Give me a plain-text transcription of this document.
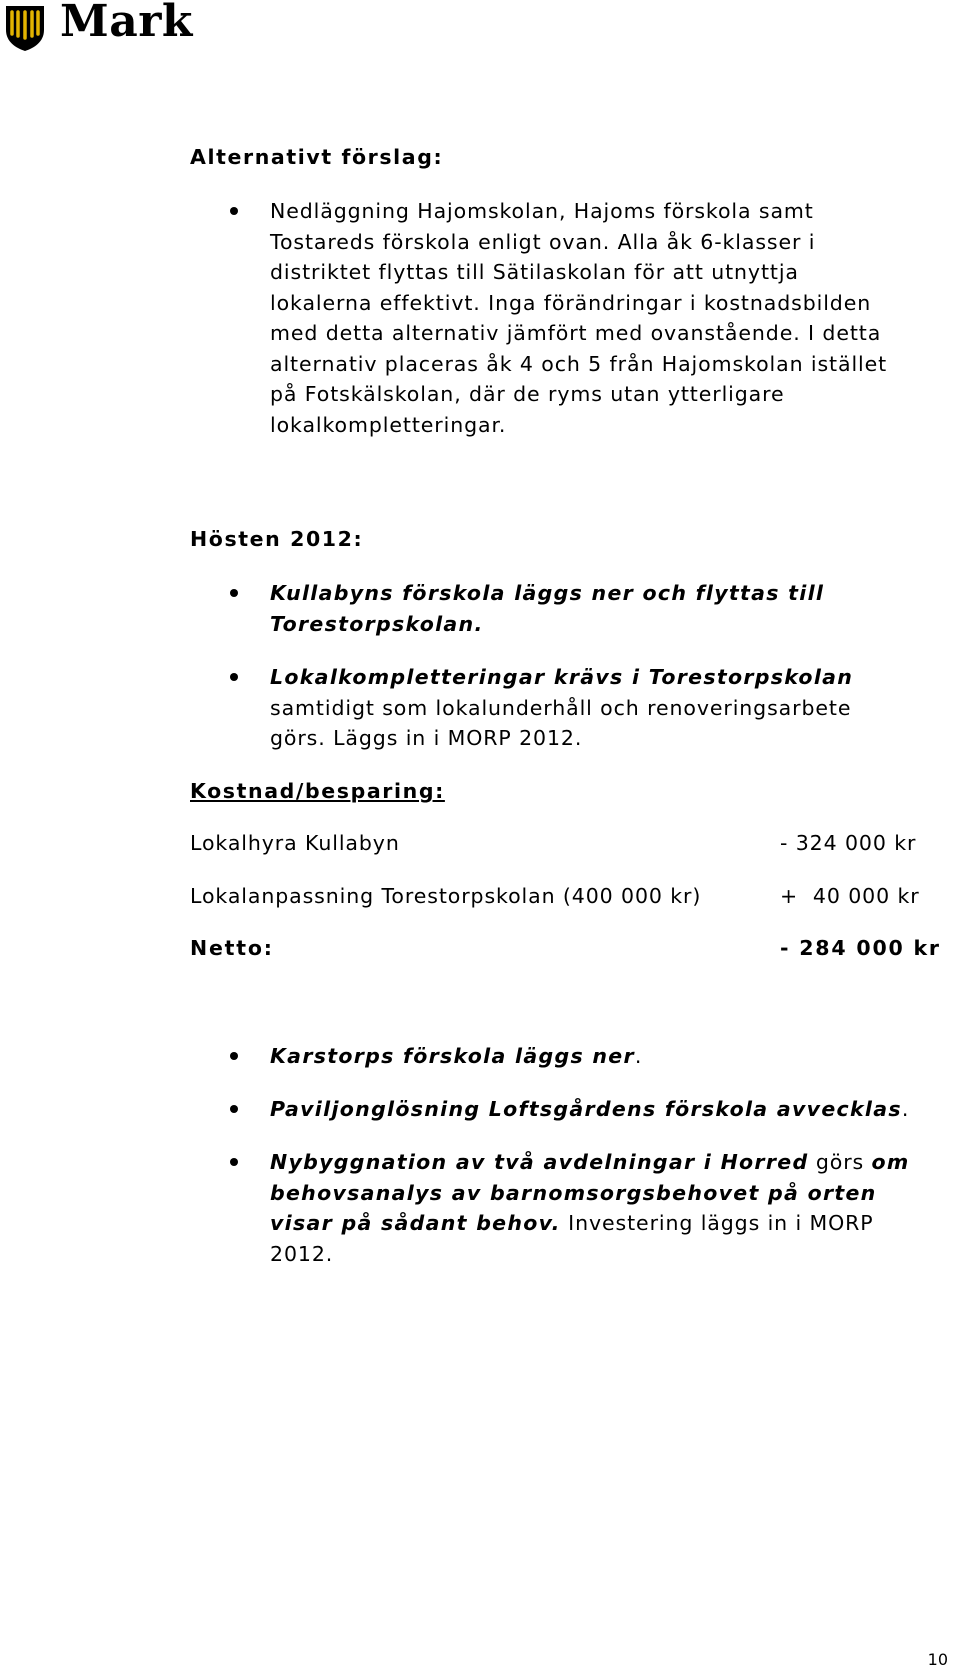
Mark
Alternativt förslag:
Nedläggning Hajomskolan, Hajoms förskola samt
Tostareds förskola enligt ovan. Alla åk 6-klasser i
distriktet flyttas till Sätilaskolan för att utnyttja
lokalerna effektivt. Inga förändringar i kostnadsbilden
med detta alternativ jämfört med ovanstående. I detta
alternativ placeras åk 4 och 5 från Hajomskolan istället
på Fotskälskolan, där de ryms utan ytterligare
lokalkompletteringar.
Hösten 2012:
Kullabyns förskola läggs ner och flyttas till
Torestorpskolan.
Lokalkompletteringar krävs i Torestorpskolan
samtidigt som lokalunderhåll och renoveringsarbete
görs. Läggs in i MORP 2012.
Kostnad/besparing:
Lokalhyra Kullabyn	- 324 000 kr
Lokalanpassning Torestorpskolan (400 000 kr)	+  40 000 kr
Netto:	- 284 000 kr
Karstorps förskola läggs ner.
Paviljonglösning Loftsgårdens förskola avvecklas.
Nybyggnation av två avdelningar i Horred görs om
behovsanalys av barnomsorgsbehovet på orten
visar på sådant behov. Investering läggs in i MORP
2012.
10
